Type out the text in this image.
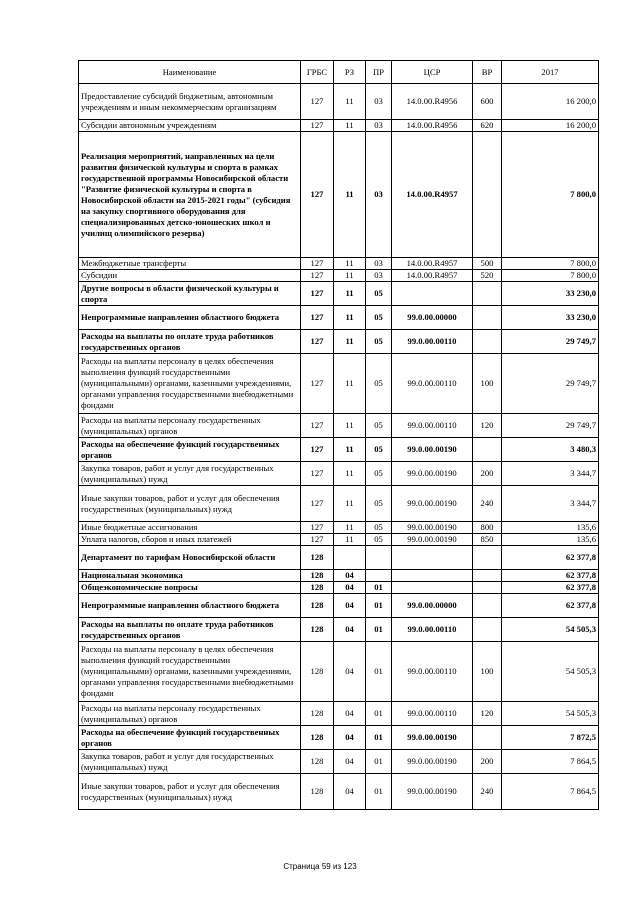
Наименование	ГРБС	РЗ	ПР	ЦСР	ВР	2017
Предоставление субсидий бюджетным, автономным учреждениям и иным некоммерческим организациям	127	11	03	14.0.00.R4956	600	16 200,0
Субсидии автономным учреждениям	127	11	03	14.0.00.R4956	620	16 200,0
Реализация мероприятий, направленных на цели развития физической культуры и спорта в рамках государственной программы Новосибирской области "Развитие физической культуры и спорта в Новосибирской области на 2015-2021 годы" (субсидия на закупку спортивного оборудования для специализированных детско-юношеских школ и училищ олимпийского резерва)	127	11	03	14.0.00.R4957		7 800,0
Межбюджетные трансферты	127	11	03	14.0.00.R4957	500	7 800,0
Субсидии	127	11	03	14.0.00.R4957	520	7 800,0
Другие вопросы в области физической культуры и спорта	127	11	05			33 230,0
Непрограммные направления областного бюджета	127	11	05	99.0.00.00000		33 230,0
Расходы на выплаты по оплате труда работников государственных органов	127	11	05	99.0.00.00110		29 749,7
Расходы на выплаты персоналу в целях обеспечения выполнения функций государственными (муниципальными) органами, казенными учреждениями, органами управления государственными внебюджетными фондами	127	11	05	99.0.00.00110	100	29 749,7
Расходы на выплаты персоналу государственных (муниципальных) органов	127	11	05	99.0.00.00110	120	29 749,7
Расходы на обеспечение функций государственных органов	127	11	05	99.0.00.00190		3 480,3
Закупка товаров, работ и услуг для государственных (муниципальных) нужд	127	11	05	99.0.00.00190	200	3 344,7
Иные закупки товаров, работ и услуг для обеспечения государственных (муниципальных) нужд	127	11	05	99.0.00.00190	240	3 344,7
Иные бюджетные ассигнования	127	11	05	99.0.00.00190	800	135,6
Уплата налогов, сборов и иных платежей	127	11	05	99.0.00.00190	850	135,6
Департамент по тарифам Новосибирской области	128					62 377,8
Национальная экономика	128	04				62 377,8
Общеэкономические вопросы	128	04	01			62 377,8
Непрограммные направления областного бюджета	128	04	01	99.0.00.00000		62 377,8
Расходы на выплаты по оплате труда работников государственных органов	128	04	01	99.0.00.00110		54 505,3
Расходы на выплаты персоналу в целях обеспечения выполнения функций государственными (муниципальными) органами, казенными учреждениями, органами управления государственными внебюджетными фондами	128	04	01	99.0.00.00110	100	54 505,3
Расходы на выплаты персоналу государственных (муниципальных) органов	128	04	01	99.0.00.00110	120	54 505,3
Расходы на обеспечение функций государственных органов	128	04	01	99.0.00.00190		7 872,5
Закупка товаров, работ и услуг для государственных (муниципальных) нужд	128	04	01	99.0.00.00190	200	7 864,5
Иные закупки товаров, работ и услуг для обеспечения государственных (муниципальных) нужд	128	04	01	99.0.00.00190	240	7 864,5
Страница 59 из 123
